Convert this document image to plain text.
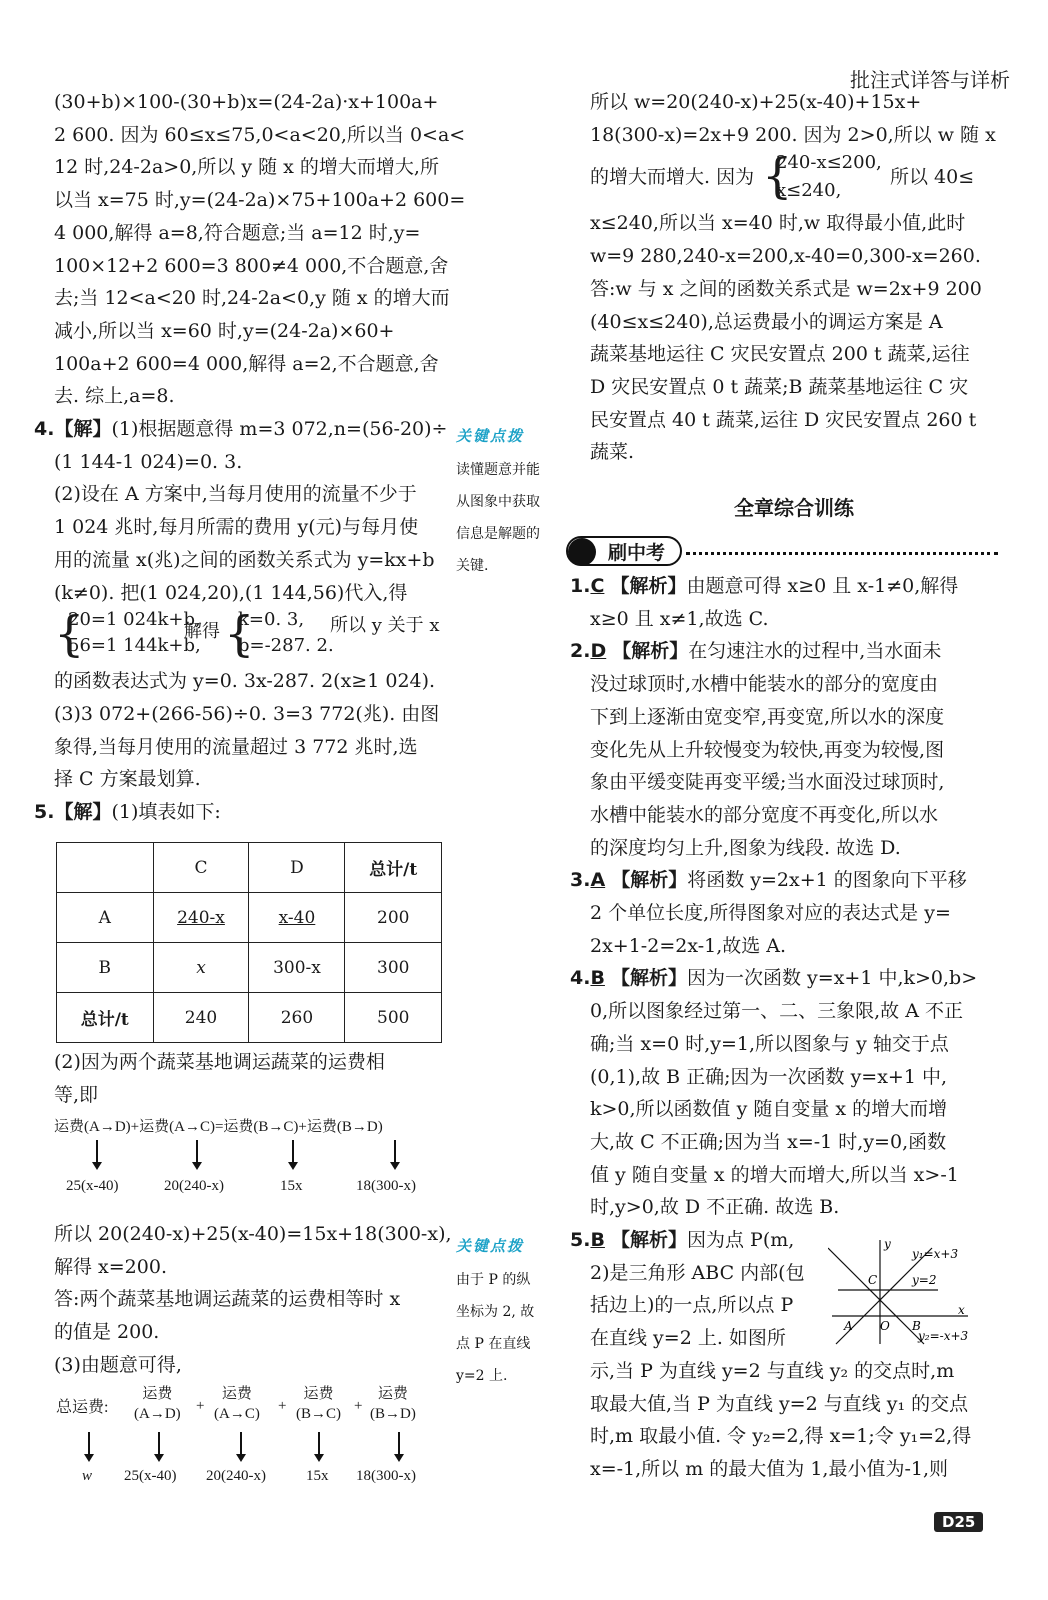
批注式详答与详析
(30+b)×100-(30+b)x=(24-2a)·x+100a+
2 600. 因为 60≤x≤75,0<a<20,所以当 0<a<
12 时,24-2a>0,所以 y 随 x 的增大而增大,所
以当 x=75 时,y=(24-2a)×75+100a+2 600=
4 000,解得 a=8,符合题意;当 a=12 时,y=
100×12+2 600=3 800≠4 000,不合题意,舍
去;当 12<a<20 时,24-2a<0,y 随 x 的增大而
减小,所以当 x=60 时,y=(24-2a)×60+
100a+2 600=4 000,解得 a=2,不合题意,舍
去. 综上,a=8.
4.【解】(1)根据题意得 m=3 072,n=(56-20)÷
(1 144-1 024)=0. 3.
(2)设在 A 方案中,当每月使用的流量不少于
1 024 兆时,每月所需的费用 y(元)与每月使
用的流量 x(兆)之间的函数关系式为 y=kx+b
(k≠0). 把(1 024,20),(1 144,56)代入,得
{
20=1 024k+b,
56=1 144k+b,
解得 {
k=0. 3,
b=-287. 2.
所以 y 关于 x
的函数表达式为 y=0. 3x-287. 2(x≥1 024).
(3)3 072+(266-56)÷0. 3=3 772(兆). 由图
象得,当每月使用的流量超过 3 772 兆时,选
择 C 方案最划算.
5.【解】(1)填表如下:
	C	D	总计/t
A	240-x	x-40	200
B	x	300-x	300
总计/t	240	260	500
(2)因为两个蔬菜基地调运蔬菜的运费相
等,即
运费(A→D)+运费(A→C)=运费(B→C)+运费(B→D)
25(x-40)	20(240-x)	15x	18(300-x)
所以 20(240-x)+25(x-40)=15x+18(300-x),
解得 x=200.
答:两个蔬菜基地调运蔬菜的运费相等时 x
的值是 200.
(3)由题意可得,
总运费:
运费
(A→D) +
运费
(A→C) +
运费
(B→C) +
运费
(B→D)
w 25(x-40) 20(240-x)	15x 18(300-x)
关键点拨
读懂题意并能
从图象中获取
信息是解题的
关键.
关键点拨
由于 P 的纵
坐标为 2, 故
点 P 在直线
y=2 上.
所以 w=20(240-x)+25(x-40)+15x+
18(300-x)=2x+9 200. 因为 2>0,所以 w 随 x
的增大而增大. 因为 {
240-x≤200,
x≤240,
所以 40≤
x≤240,所以当 x=40 时,w 取得最小值,此时
w=9 280,240-x=200,x-40=0,300-x=260.
答:w 与 x 之间的函数关系式是 w=2x+9 200
(40≤x≤240),总运费最小的调运方案是 A
蔬菜基地运往 C 灾民安置点 200 t 蔬菜,运往
D 灾民安置点 0 t 蔬菜;B 蔬菜基地运往 C 灾
民安置点 40 t 蔬菜,运往 D 灾民安置点 260 t
蔬菜.
全章综合训练
刷中考
1.C 【解析】由题意可得 x≥0 且 x-1≠0,解得
x≥0 且 x≠1,故选 C.
2.D 【解析】在匀速注水的过程中,当水面未
没过球顶时,水槽中能装水的部分的宽度由
下到上逐渐由宽变窄,再变宽,所以水的深度
变化先从上升较慢变为较快,再变为较慢,图
象由平缓变陡再变平缓;当水面没过球顶时,
水槽中能装水的部分宽度不再变化,所以水
的深度均匀上升,图象为线段. 故选 D.
3.A 【解析】将函数 y=2x+1 的图象向下平移
2 个单位长度,所得图象对应的表达式是 y=
2x+1-2=2x-1,故选 A.
4.B 【解析】因为一次函数 y=x+1 中,k>0,b>
0,所以图象经过第一、二、三象限,故 A 不正
确;当 x=0 时,y=1,所以图象与 y 轴交于点
(0,1),故 B 正确;因为一次函数 y=x+1 中,
k>0,所以函数值 y 随自变量 x 的增大而增
大,故 C 不正确;因为当 x=-1 时,y=0,函数
值 y 随自变量 x 的增大而增大,所以当 x>-1
时,y>0,故 D 不正确. 故选 B.
5.B 【解析】因为点 P(m,
2)是三角形 ABC 内部(包
括边上)的一点,所以点 P
在直线 y=2 上. 如图所
示,当 P 为直线 y=2 与直线 y₂ 的交点时,m
取最大值,当 P 为直线 y=2 与直线 y₁ 的交点
时,m 取最小值. 令 y₂=2,得 x=1;令 y₁=2,得
x=-1,所以 m 的最大值为 1,最小值为-1,则
y
x
y₁=x+3
y=2
y₂=-x+3
C
A O B
D25
